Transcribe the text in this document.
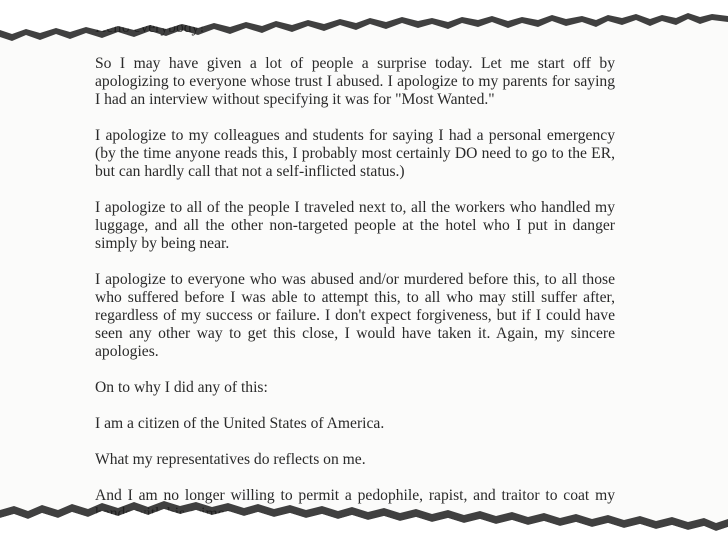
So I may have given a lot of people a surprise today. Let me start off by apologizing to everyone whose trust I abused. I apologize to my parents for saying I had an interview without specifying it was for "Most Wanted."

I apologize to my colleagues and students for saying I had a personal emergency (by the time anyone reads this, I probably most certainly DO need to go to the ER, but can hardly call that not a self-inflicted status.)

I apologize to all of the people I traveled next to, all the workers who handled my luggage, and all the other non-targeted people at the hotel who I put in danger simply by being near.

I apologize to everyone who was abused and/or murdered before this, to all those who suffered before I was able to attempt this, to all who may still suffer after, regardless of my success or failure. I don't expect forgiveness, but if I could have seen any other way to get this close, I would have taken it. Again, my sincere apologies.

On to why I did any of this:

I am a citizen of the United States of America.

What my representatives do reflects on me.

And I am no longer willing to permit a pedophile, rapist, and traitor to coat my
